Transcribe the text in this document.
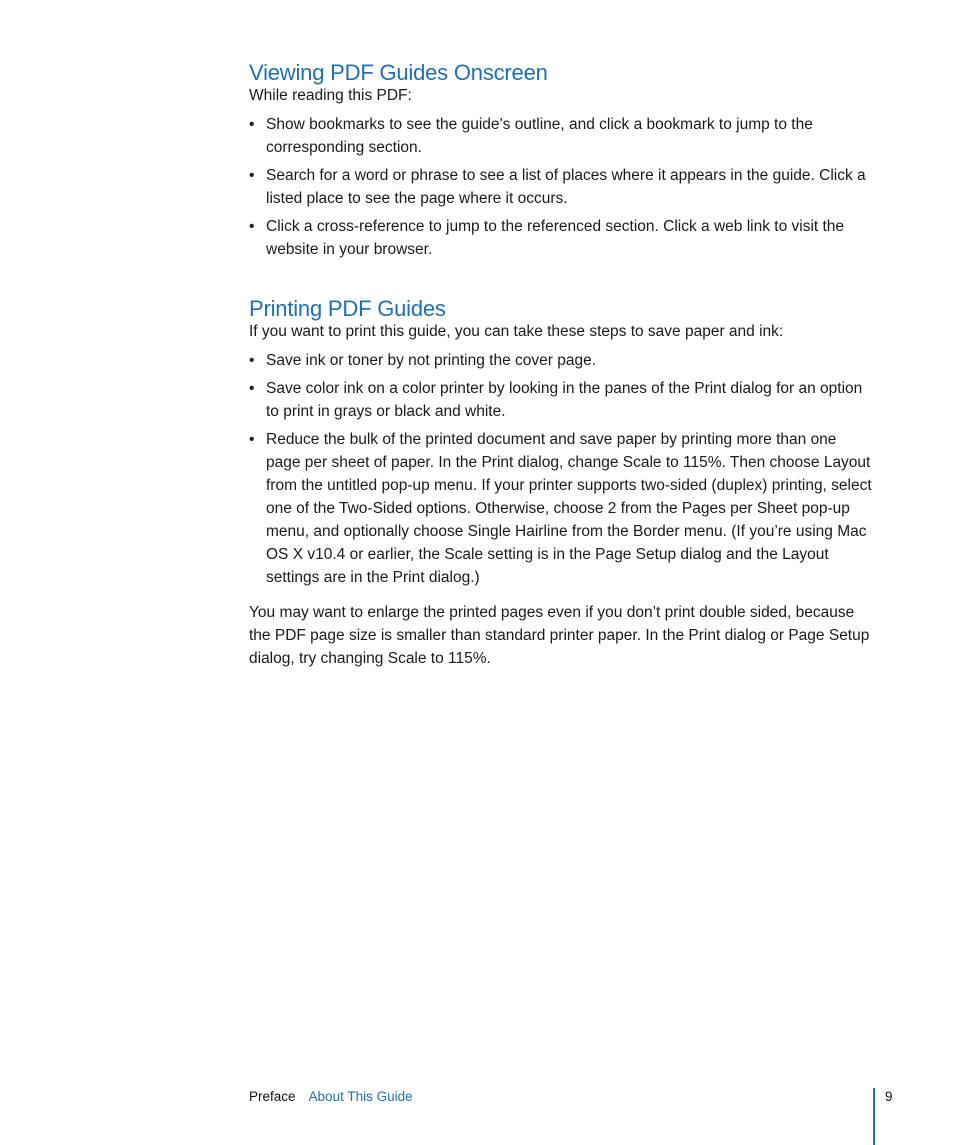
Viewing PDF Guides Onscreen

While reading this PDF:

• Show bookmarks to see the guide’s outline, and click a bookmark to jump to the corresponding section.
• Search for a word or phrase to see a list of places where it appears in the guide. Click a listed place to see the page where it occurs.
• Click a cross-reference to jump to the referenced section. Click a web link to visit the website in your browser.
Printing PDF Guides

If you want to print this guide, you can take these steps to save paper and ink:

• Save ink or toner by not printing the cover page.
• Save color ink on a color printer by looking in the panes of the Print dialog for an option to print in grays or black and white.
• Reduce the bulk of the printed document and save paper by printing more than one page per sheet of paper. In the Print dialog, change Scale to 115%. Then choose Layout from the untitled pop-up menu. If your printer supports two-sided (duplex) printing, select one of the Two-Sided options. Otherwise, choose 2 from the Pages per Sheet pop-up menu, and optionally choose Single Hairline from the Border menu. (If you’re using Mac OS X v10.4 or earlier, the Scale setting is in the Page Setup dialog and the Layout settings are in the Print dialog.)

You may want to enlarge the printed pages even if you don’t print double sided, because the PDF page size is smaller than standard printer paper. In the Print dialog or Page Setup dialog, try changing Scale to 115%.

Preface About This Guide	9
